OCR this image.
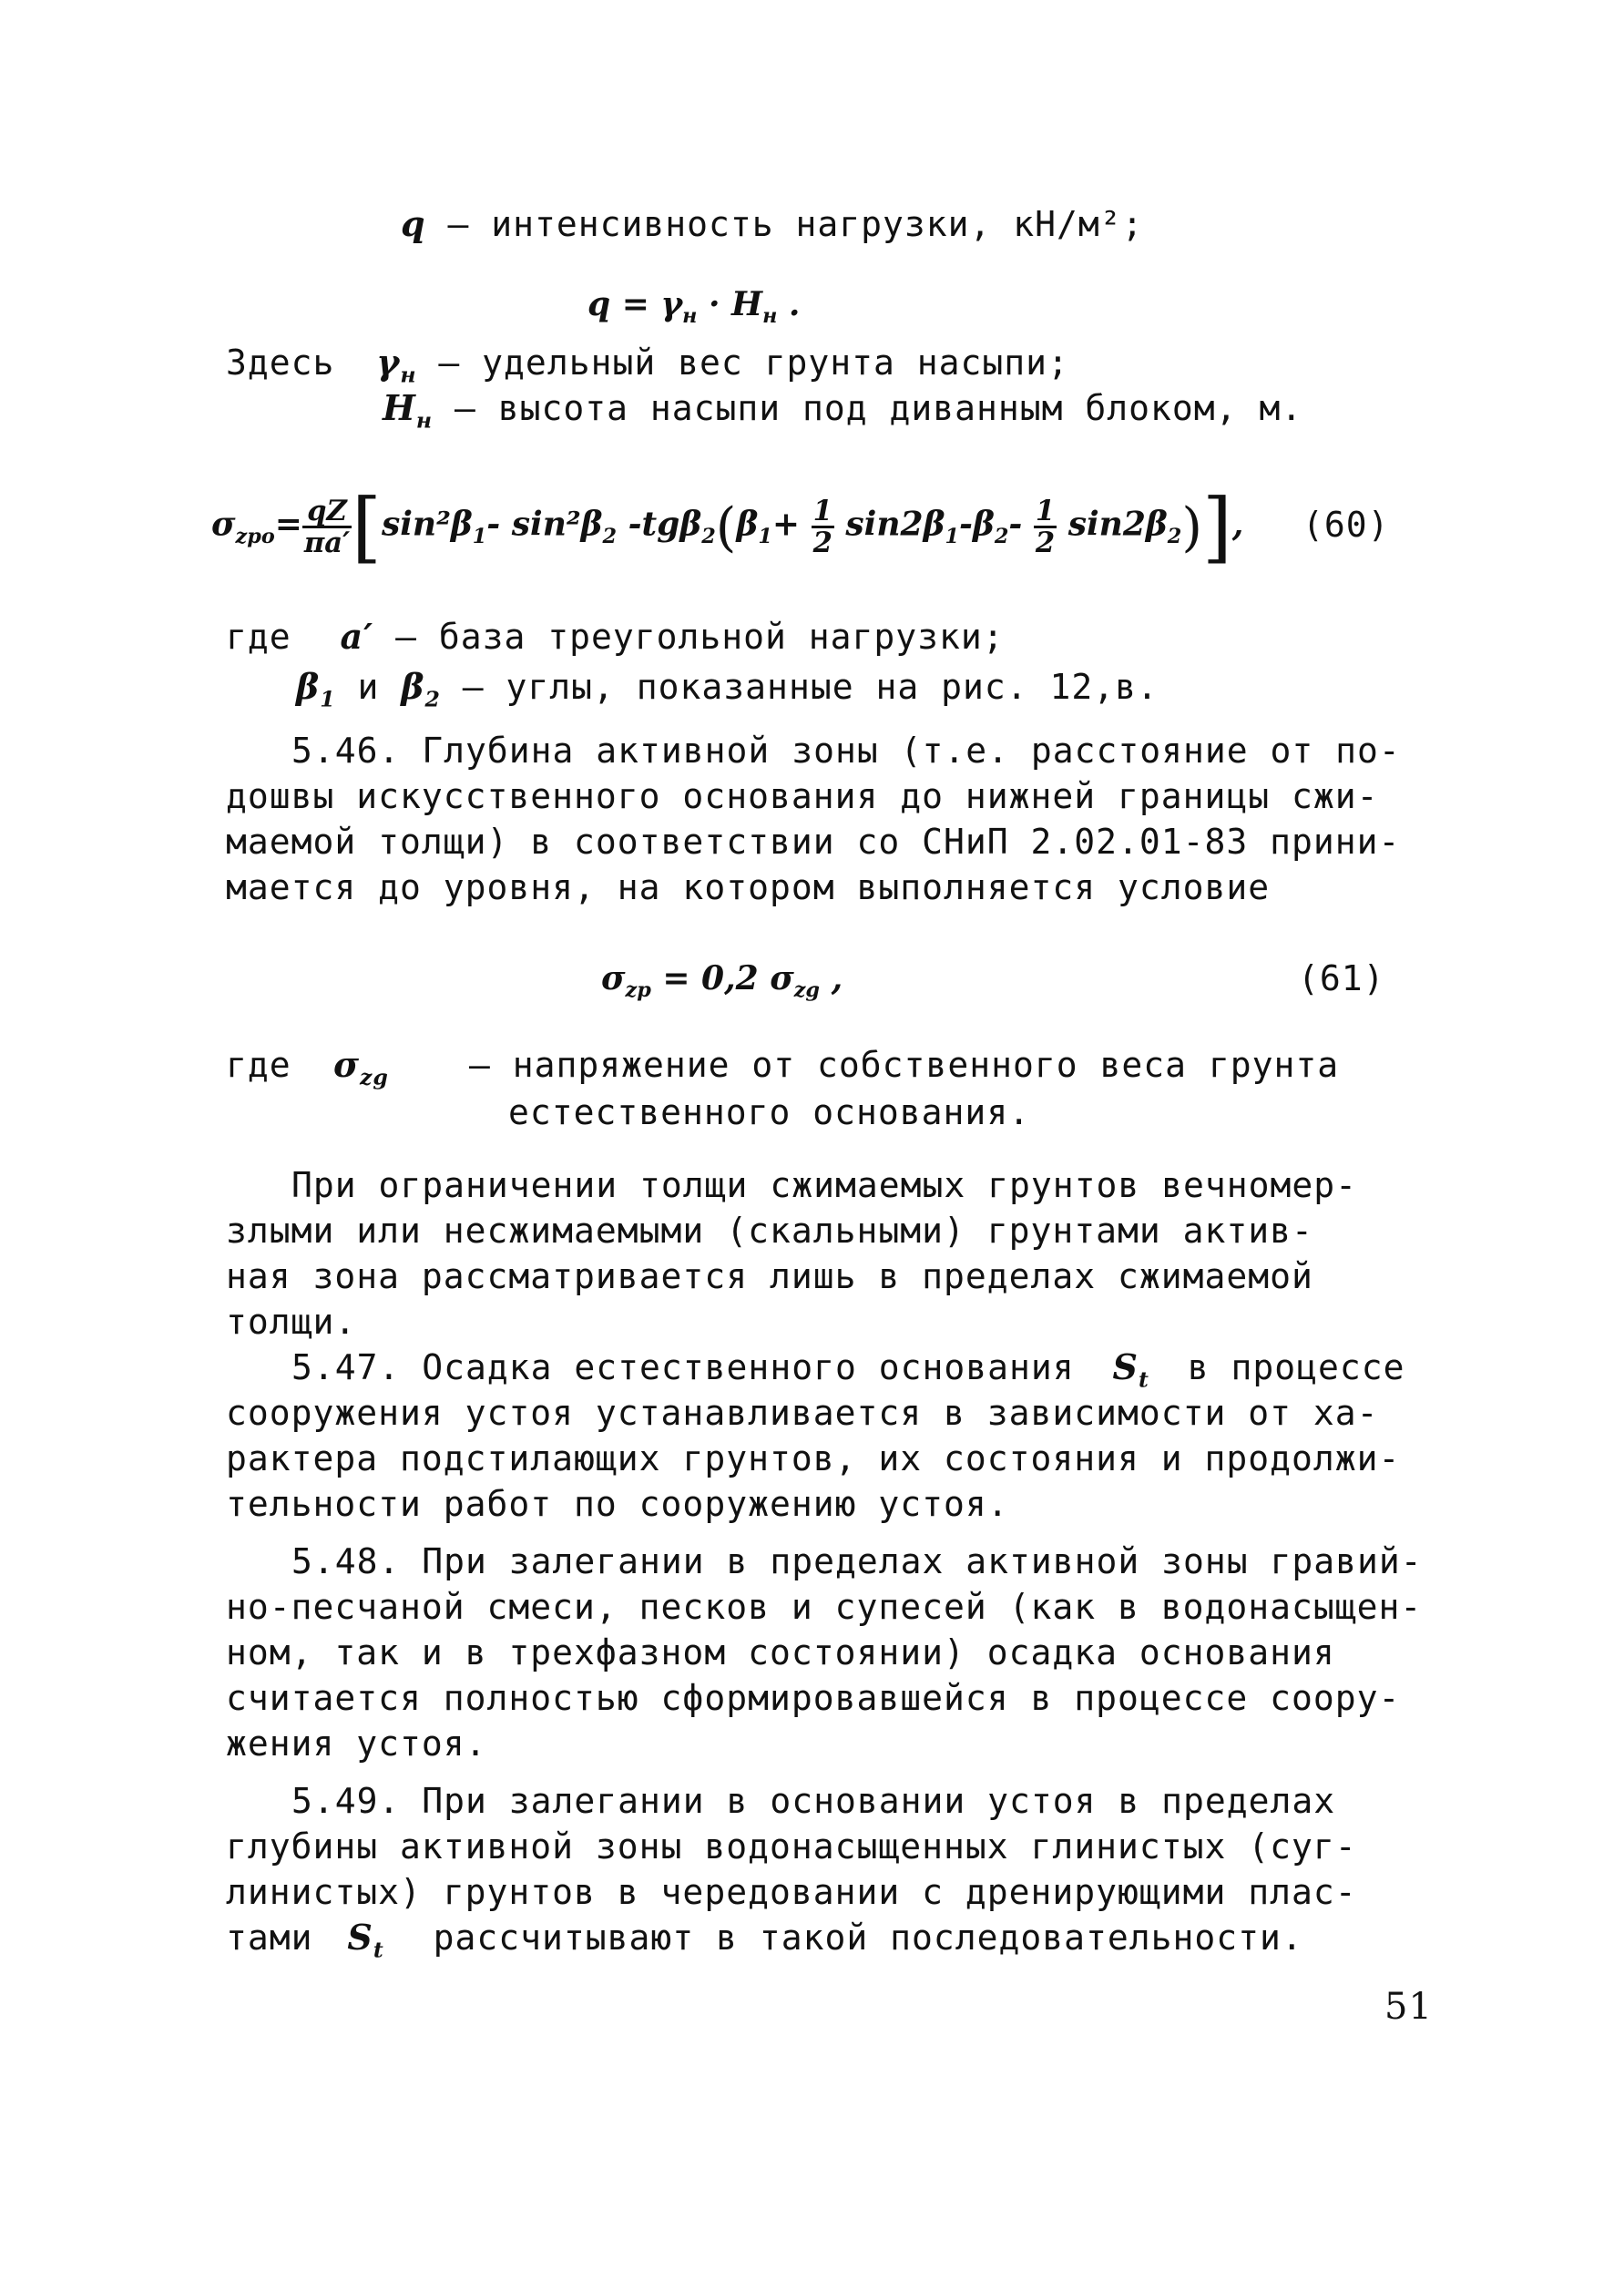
q – интенсивность нагрузки, кН/м²;
$q = \gamma_н \cdot H_н$ .
Здесь $\gamma_н$ – удельный вес грунта насыпи;
$H_н$ – высота насыпи под диванным блоком, м.
$\sigma_{zpo}= \frac{qZ}{\pi a'} [\sin^2\beta_1-$ $\sin^2\beta_2$ $-tg\beta_2(\beta_1+ \frac{1}{2} \sin 2\beta_1-\beta_2- \frac{1}{2} \sin 2\beta_2)$], (60)
где a′ – база треугольной нагрузки;
$\beta_1$ и $\beta_2$ – углы, показанные на рис. 12,в.
5.46. Глубина активной зоны (т.е. расстояние от по-
дошвы искусственного основания до нижней границы сжи-
маемой толщи) в соответствии со СНиП 2.02.01-83 прини-
мается до уровня, на котором выполняется условие
$\sigma_{zp} = 0,2$ $\sigma_{zg}$ ,	(61)
где $\sigma_{zg}$ – напряжение от собственного веса грунта
естественного основания.
При ограничении толщи сжимаемых грунтов вечномер-
злыми или несжимаемыми (скальными) грунтами актив-
ная зона рассматривается лишь в пределах сжимаемой
толщи.
5.47. Осадка естественного основания $S_t$ в процессе
сооружения устоя устанавливается в зависимости от ха-
рактера подстилающих грунтов, их состояния и продолжи-
тельности работ по сооружению устоя.
5.48. При залегании в пределах активной зоны гравий-
но-песчаной смеси, песков и супесей (как в водонасыщен-
ном, так и в трехфазном состоянии) осадка основания
считается полностью сформировавшейся в процессе соору-
жения устоя.
5.49. При залегании в основании устоя в пределах
глубины активной зоны водонасыщенных глинистых (суг-
линистых) грунтов в чередовании с дренирующими плас-
тами $S_t$ рассчитывают в такой последовательности.
51
